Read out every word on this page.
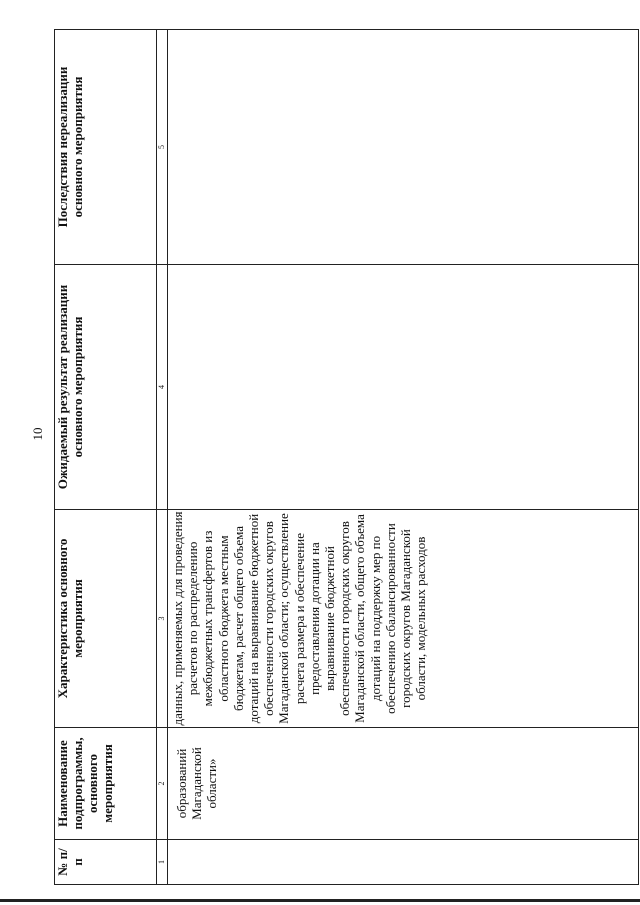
10
№ п/п	Наименование подпрограммы, основного мероприятия	Характеристика основного мероприятия	Ожидаемый результат реализации основного мероприятия	Последствия нереализации основного мероприятия

1	2	3	4	5

	образований Магаданской области»	данных, применяемых для проведения расчетов по распределению межбюджетных трансфертов из областного бюджета местным бюджетам, расчет общего объема дотаций на выравнивание бюджетной обеспеченности городских округов Магаданской области; осуществление расчета размера и обеспечение предоставления дотации на выравнивание бюджетной обеспеченности городских округов Магаданской области, общего объема дотаций на поддержку мер по обеспечению сбалансированности городских округов Магаданской области, модельных расходов		
